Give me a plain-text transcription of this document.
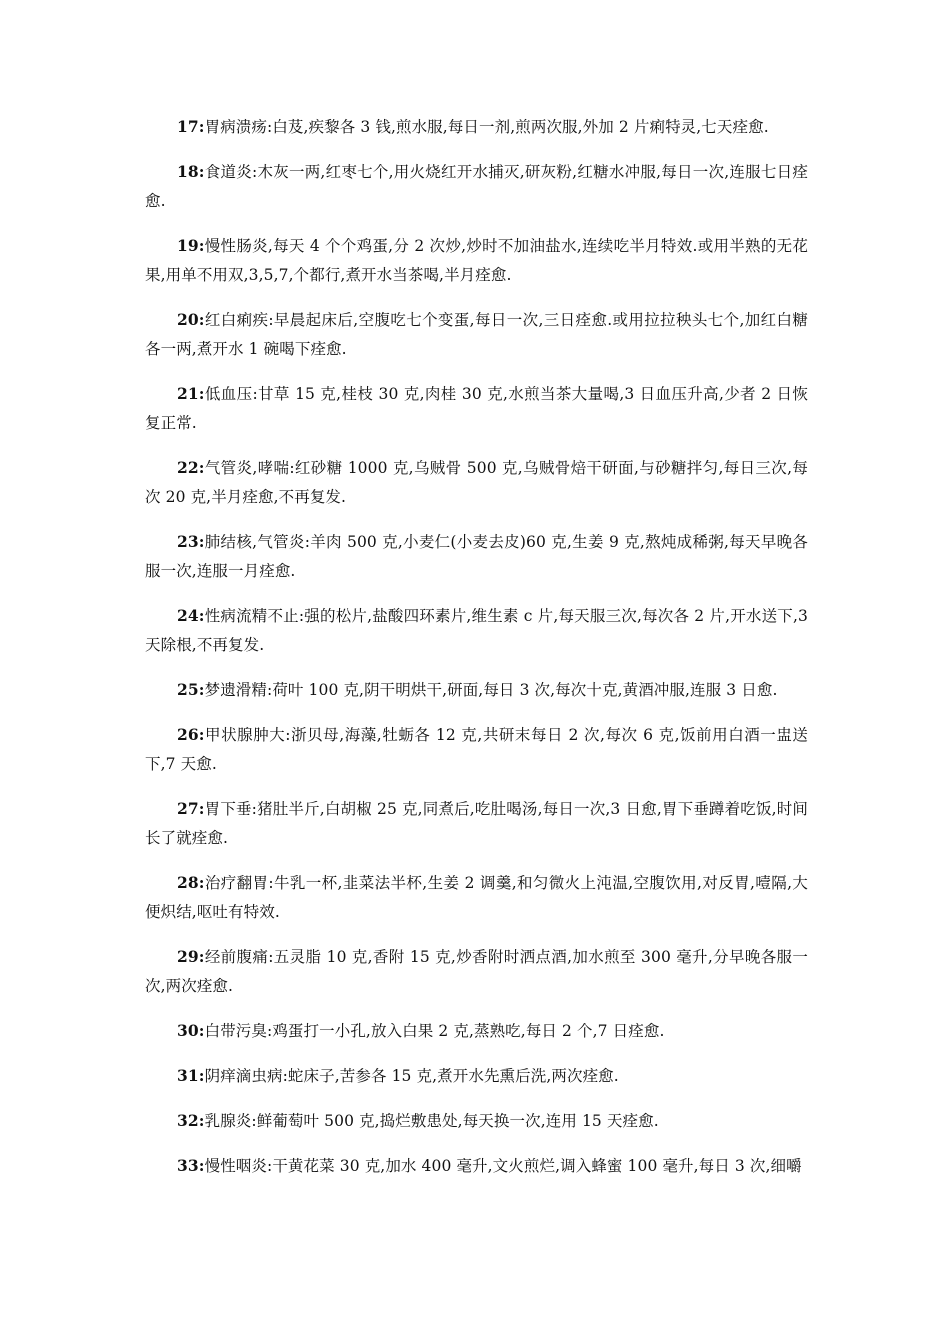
17:胃病溃疡:白芨,疾黎各 3 钱,煎水服,每日一剂,煎两次服,外加 2 片痢特灵,七天痊愈.

18:食道炎:木灰一两,红枣七个,用火烧红开水捕灭,研灰粉,红糖水冲服,每日一次,连服七日痊愈.

19:慢性肠炎,每天 4 个个鸡蛋,分 2 次炒,炒时不加油盐水,连续吃半月特效.或用半熟的无花果,用单不用双,3,5,7,个都行,煮开水当茶喝,半月痊愈.

20:红白痢疾:早晨起床后,空腹吃七个变蛋,每日一次,三日痊愈.或用拉拉秧头七个,加红白糖各一两,煮开水 1 碗喝下痊愈.

21:低血压:甘草 15 克,桂枝 30 克,肉桂 30 克,水煎当茶大量喝,3 日血压升高,少者 2 日恢复正常.

22:气管炎,哮喘:红砂糖 1000 克,乌贼骨 500 克,乌贼骨焙干研面,与砂糖拌匀,每日三次,每次 20 克,半月痊愈,不再复发.

23:肺结核,气管炎:羊肉 500 克,小麦仁(小麦去皮)60 克,生姜 9 克,熬炖成稀粥,每天早晚各服一次,连服一月痊愈.

24:性病流精不止:强的松片,盐酸四环素片,维生素 c 片,每天服三次,每次各 2 片,开水送下,3 天除根,不再复发.

25:梦遗滑精:荷叶 100 克,阴干明烘干,研面,每日 3 次,每次十克,黄酒冲服,连服 3 日愈.

26:甲状腺肿大:浙贝母,海藻,牡蛎各 12 克,共研末每日 2 次,每次 6 克,饭前用白酒一盅送下,7 天愈.

27:胃下垂:猪肚半斤,白胡椒 25 克,同煮后,吃肚喝汤,每日一次,3 日愈,胃下垂蹲着吃饭,时间长了就痊愈.

28:治疗翻胃:牛乳一杯,韭菜法半杯,生姜 2 调羹,和匀微火上沌温,空腹饮用,对反胃,噎隔,大便炽结,呕吐有特效.

29:经前腹痛:五灵脂 10 克,香附 15 克,炒香附时洒点酒,加水煎至 300 毫升,分早晚各服一次,两次痊愈.

30:白带污臭:鸡蛋打一小孔,放入白果 2 克,蒸熟吃,每日 2 个,7 日痊愈.

31:阴痒滴虫病:蛇床子,苦参各 15 克,煮开水先熏后洗,两次痊愈.

32:乳腺炎:鲜葡萄叶 500 克,捣烂敷患处,每天换一次,连用 15 天痊愈.

33:慢性咽炎:干黄花菜 30 克,加水 400 毫升,文火煎烂,调入蜂蜜 100 毫升,每日 3 次,细嚼
